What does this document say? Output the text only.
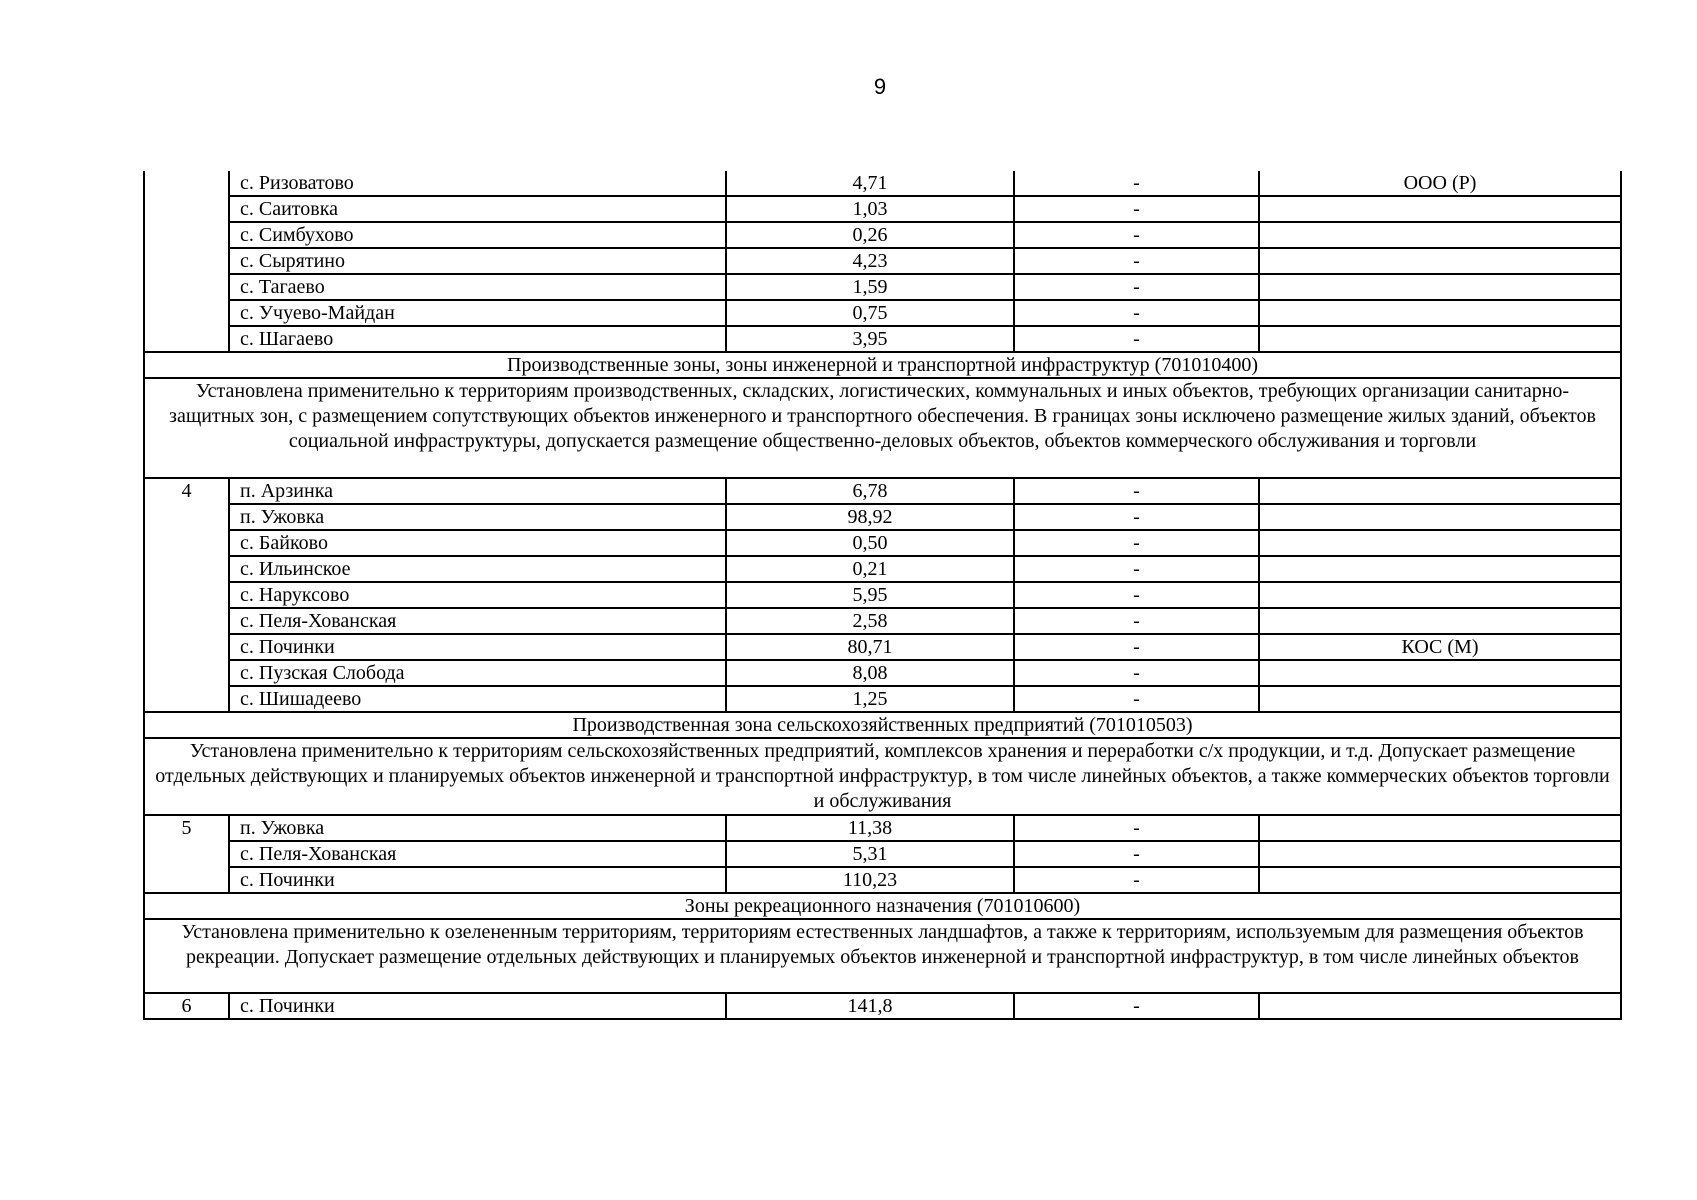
9
	с. Ризоватово	4,71	-	ООО (Р)
	с. Саитовка	1,03	-	
	с. Симбухово	0,26	-	
	с. Сырятино	4,23	-	
	с. Тагаево	1,59	-	
	с. Учуево-Майдан	0,75	-	
	с. Шагаево	3,95	-	
Производственные зоны, зоны инженерной и транспортной инфраструктур (701010400)				
Установлена применительно к территориям производственных, складских, логистических, коммунальных и иных объектов, требующих организации санитарно-защитных зон, с размещением сопутствующих объектов инженерного и транспортного обеспечения. В границах зоны исключено размещение жилых зданий, объектов социальной инфраструктуры, допускается размещение общественно-деловых объектов, объектов коммерческого обслуживания и торговли				
4	п. Арзинка	6,78	-	
	п. Ужовка	98,92	-	
	с. Байково	0,50	-	
	с. Ильинское	0,21	-	
	с. Наруксово	5,95	-	
	с. Пеля-Хованская	2,58	-	
	с. Починки	80,71	-	КОС (М)
	с. Пузская Слобода	8,08	-	
	с. Шишадеево	1,25	-	
Производственная зона сельскохозяйственных предприятий (701010503)				
Установлена применительно к территориям сельскохозяйственных предприятий, комплексов хранения и переработки с/х продукции, и т.д. Допускает размещение отдельных действующих и планируемых объектов инженерной и транспортной инфраструктур, в том числе линейных объектов, а также коммерческих объектов торговли и обслуживания				
5	п. Ужовка	11,38	-	
	с. Пеля-Хованская	5,31	-	
	с. Починки	110,23	-	
Зоны рекреационного назначения (701010600)				
Установлена применительно к озелененным территориям, территориям естественных ландшафтов, а также к территориям, используемым для размещения объектов рекреации. Допускает размещение отдельных действующих и планируемых объектов инженерной и транспортной инфраструктур, в том числе линейных объектов				
6	с. Починки	141,8	-	
